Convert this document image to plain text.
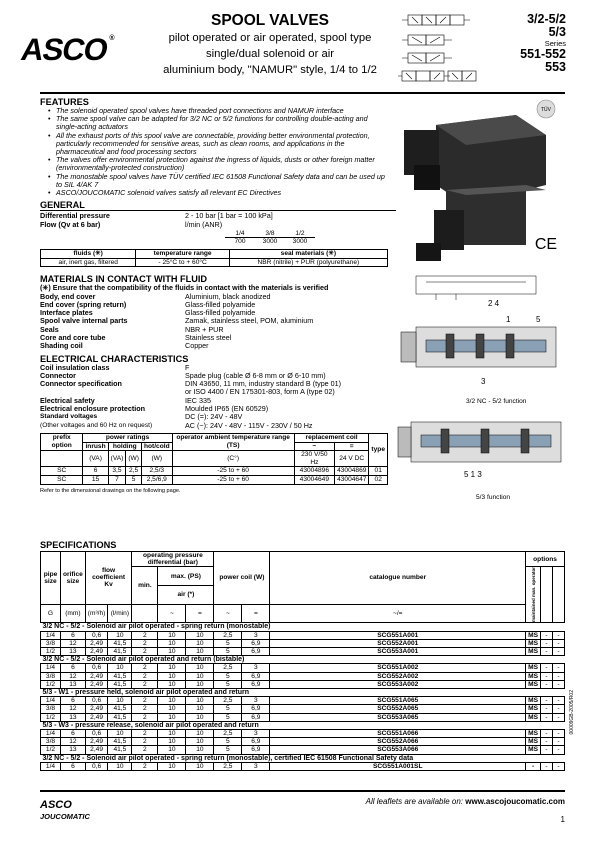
ASCO®
SPOOL VALVES
pilot operated or air operated, spool type
single/dual solenoid or air
aluminium body, "NAMUR" style, 1/4 to 1/2
3/2-5/2
5/3
Series
551-552
553
FEATURES
• The solenoid operated spool valves have threaded port connections and NAMUR interface
• The same spool valve can be adapted for 3/2 NC or 5/2 functions for controlling double-acting and single-acting actuators
• All the exhaust ports of this spool valve are connectable, providing better environmental protection, particularly recommended for sensitive areas, such as clean rooms, and applications in the pharmaceutical and food processing sectors
• The valves offer environmental protection against the ingress of liquids, dusts or other foreign matter (environmentally-protected construction)
• The monostable spool valves have TÜV certified IEC 61508 Functional Safety data and can be used up to SIL 4/AK 7
• ASCO/JOUCOMATIC solenoid valves satisfy all relevant EC Directives
GENERAL
Differential pressure	2 - 10 bar [1 bar = 100 kPa]
Flow (Qv at 6 bar)	l/min (ANR)
1/4	3/8	1/2
700	3000	3000
fluids (✳)	temperature range	seal materials (✳)
air, inert gas, filtered	- 25°C to + 60°C	NBR (nitrile) + PUR (polyurethane)
MATERIALS IN CONTACT WITH FLUID
(✳) Ensure that the compatibility of the fluids in contact with the materials is verified
Body, end cover	Aluminium, black anodized
End cover (spring return)	Glass-filled polyamide
Interface plates	Glass-filled polyamide
Spool valve internal parts	Zamak, stainless steel, POM, aluminium
Seals	NBR + PUR
Core and core tube	Stainless steel
Shading coil	Copper
ELECTRICAL CHARACTERISTICS
Coil insulation class	F
Connector	Spade plug (cable Ø 6-8 mm or Ø 6-10 mm)
Connector specification	DIN 43650, 11 mm, industry standard B (type 01)
or ISO 4400 / EN 175301-803, form A (type 02)
Electrical safety	IEC 335
Electrical enclosure protection	Moulded IP65 (EN 60529)
Standard voltages	DC (=): 24V - 48V
(Other voltages and 60 Hz on request)	AC (~): 24V - 48V - 115V - 230V / 50 Hz
prefix option	power ratings				operator ambient temperature range (TS)	replacement coil		type
	inrush	holding		hot/cold		~	=	
	(VA)	(VA)	(W)	(W)	(C°)	230 V/50 Hz	24 V DC	
SC	6	3,5	2,5	2,5/3	-25 to + 60	43004896	43004869	01
SC	15	7	5	2,5/6,9	-25 to + 60	43004649	43004647	02
Refer to the dimensional drawings on the following page.
TÜV
CE
2 4
1	5
3
3/2 NC - 5/2 function
5 1 3
5/3 function
SPECIFICATIONS
pipe size	orifice size	flow coefficient Kv		operating pressure differential (bar)			power coil (W)		catalogue number	options		
				min.	max. (PS)					maintained man. operator		
					air (*)							
G	(mm)	(m³/h)	(l/min)		~	=	~	=	~/=			
3/2 NC - 5/2 - Solenoid air pilot operated - spring return (monostable)												
1/4	6	0,6	10	2	10	10	2,5	3	SCG551A001	MS	-	-
3/8	12	2,49	41,5	2	10	10	5	6,9	SCG552A001	MS	-	-
1/2	13	2,49	41,5	2	10	10	5	6,9	SCG553A001	MS	-	-
3/2 NC - 5/2 - Solenoid air pilot operated and return (bistable)												
1/4	6	0,6	10	2	10	10	2,5	3	SCG551A002	MS	-	-
3/8	12	2,49	41,5	2	10	10	5	6,9	SCG552A002	MS	-	-
1/2	13	2,49	41,5	2	10	10	5	6,9	SCG553A002	MS	-	-
5/3 - W1 - pressure held, solenoid air pilot operated and return												
1/4	6	0,6	10	2	10	10	2,5	3	SCG551A065	MS	-	-
3/8	12	2,49	41,5	2	10	10	5	6,9	SCG552A065	MS	-	-
1/2	13	2,49	41,5	2	10	10	5	6,9	SCG553A065	MS	-	-
5/3 - W3 - pressure release, solenoid air pilot operated and return												
1/4	6	0,6	10	2	10	10	2,5	3	SCG551A066	MS	-	-
3/8	12	2,49	41,5	2	10	10	5	6,9	SCG552A066	MS	-	-
1/2	13	2,49	41,5	2	10	10	5	6,9	SCG553A066	MS	-	-
3/2 NC - 5/2 - Solenoid air pilot operated - spring return (monostable), certified IEC 61508 Functional Safety data												
1/4	6	0,6	10	2	10	10	2,5	3	SCG551A001SL	-	-	-
ASCO
JOUCOMATIC
All leaflets are available on: www.ascojoucomatic.com
1
00009GB-2005/R02
